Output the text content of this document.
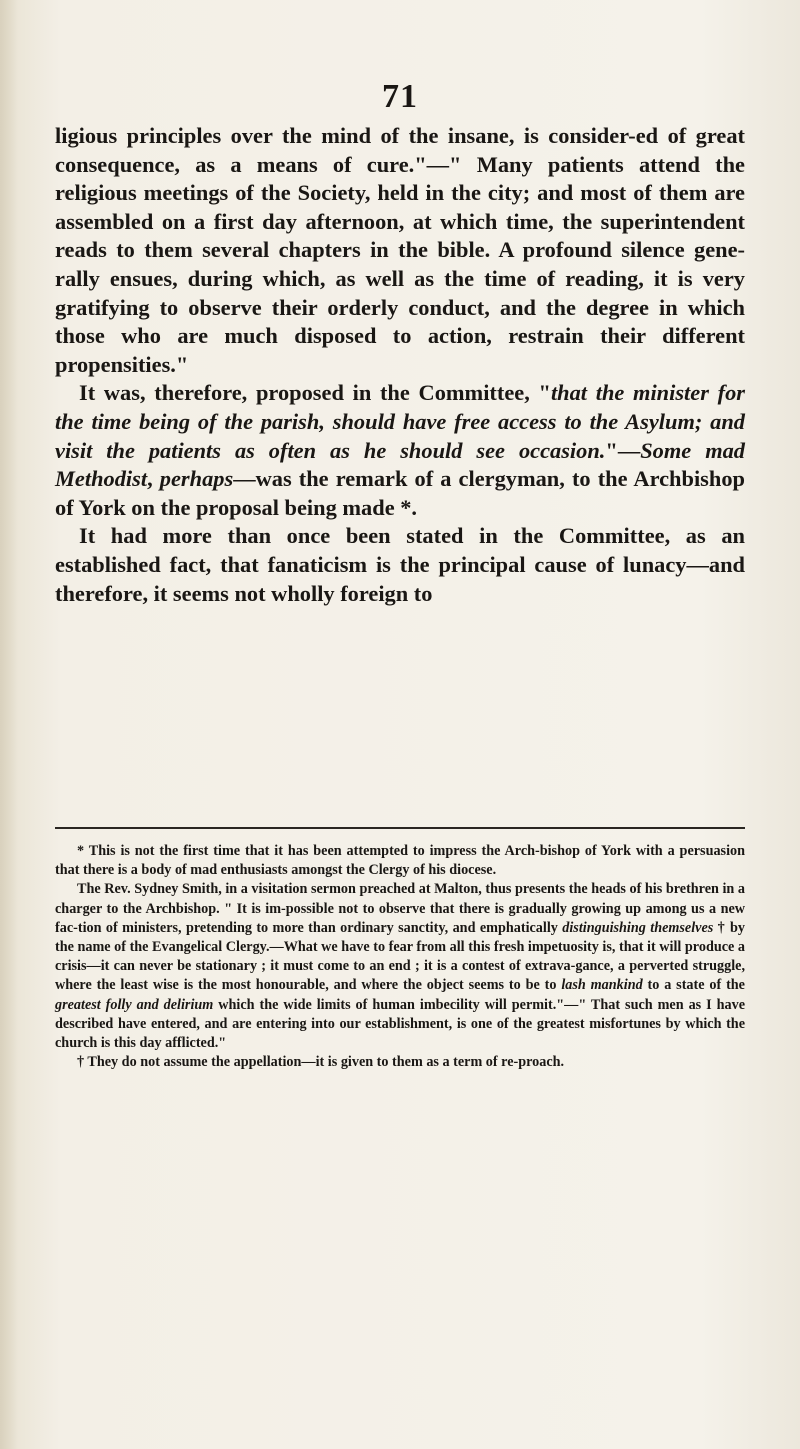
71

ligious principles over the mind of the insane, is consider-ed of great consequence, as a means of cure."—" Many patients attend the religious meetings of the Society, held in the city; and most of them are assembled on a first day afternoon, at which time, the superintendent reads to them several chapters in the bible. A profound silence gene-rally ensues, during which, as well as the time of reading, it is very gratifying to observe their orderly conduct, and the degree in which those who are much disposed to action, restrain their different propensities."

It was, therefore, proposed in the Committee, "that the minister for the time being of the parish, should have free access to the Asylum; and visit the patients as often as he should see occasion."—Some mad Methodist, perhaps—was the remark of a clergyman, to the Archbishop of York on the proposal being made *.

It had more than once been stated in the Committee, as an established fact, that fanaticism is the principal cause of lunacy—and therefore, it seems not wholly foreign to

* This is not the first time that it has been attempted to impress the Arch-bishop of York with a persuasion that there is a body of mad enthusiasts amongst the Clergy of his diocese.

The Rev. Sydney Smith, in a visitation sermon preached at Malton, thus presents the heads of his brethren in a charger to the Archbishop. " It is im-possible not to observe that there is gradually growing up among us a new fac-tion of ministers, pretending to more than ordinary sanctity, and emphatically distinguishing themselves † by the name of the Evangelical Clergy.—What we have to fear from all this fresh impetuosity is, that it will produce a crisis—it can never be stationary ; it must come to an end ; it is a contest of extrava-gance, a perverted struggle, where the least wise is the most honourable, and where the object seems to be to lash mankind to a state of the greatest folly and delirium which the wide limits of human imbecility will permit."—" That such men as I have described have entered, and are entering into our establishment, is one of the greatest misfortunes by which the church is this day afflicted."

† They do not assume the appellation—it is given to them as a term of re-proach.
